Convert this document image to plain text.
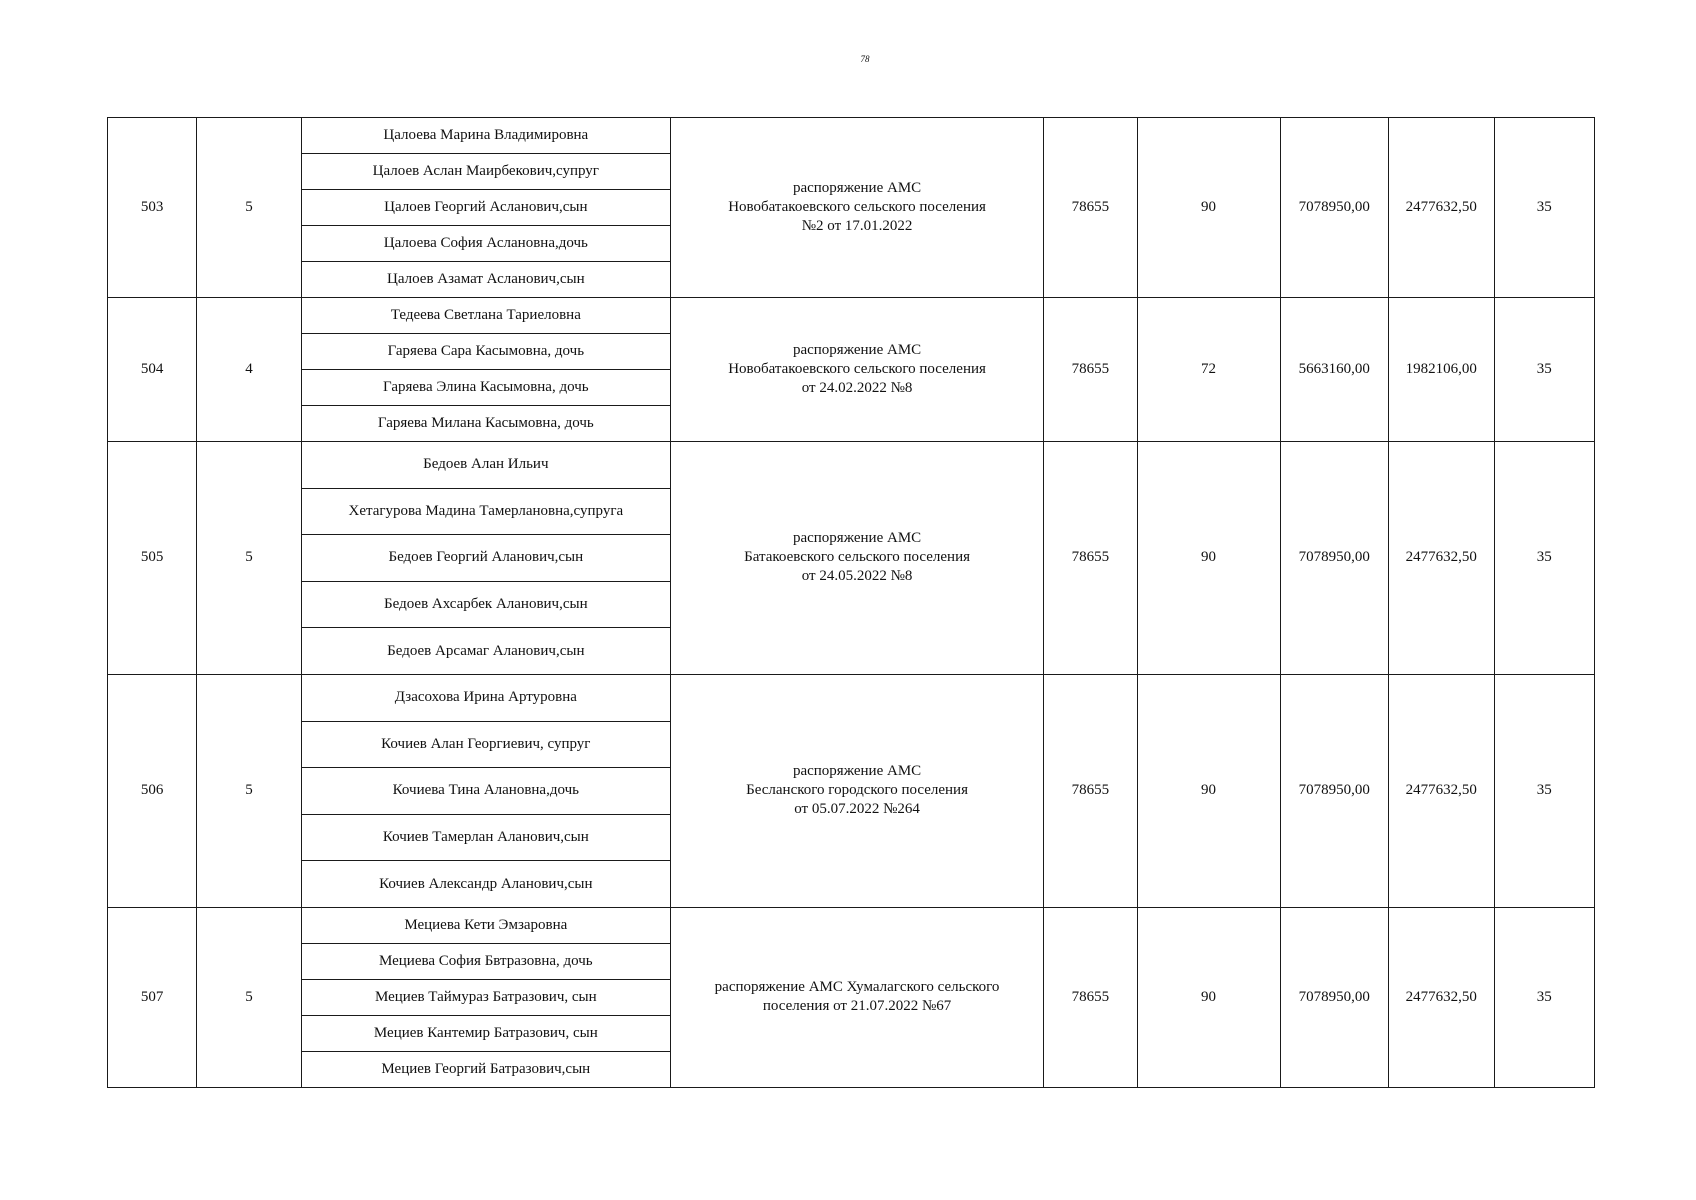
78
503	5	Цалоева Марина Владимировна	распоряжение АМС
Новобатакоевского сельского поселения
№2 от 17.01.2022	78655	90	7078950,00	2477632,50	35
		Цалоев Аслан Маирбекович,супруг						
		Цалоев Георгий Асланович,сын						
		Цалоева София Аслановна,дочь						
		Цалоев Азамат Асланович,сын						
504	4	Тедеева Светлана Тариеловна	распоряжение АМС
Новобатакоевского сельского поселения
от 24.02.2022 №8	78655	72	5663160,00	1982106,00	35
		Гаряева Сара Касымовна, дочь						
		Гаряева Элина Касымовна, дочь						
		Гаряева Милана Касымовна, дочь						
505	5	Бедоев Алан Ильич	распоряжение АМС
Батакоевского сельского поселения
от 24.05.2022 №8	78655	90	7078950,00	2477632,50	35
		Хетагурова Мадина Тамерлановна,супруга						
		Бедоев Георгий Аланович,сын						
		Бедоев Ахсарбек Аланович,сын						
		Бедоев Арсамаг Аланович,сын						
506	5	Дзасохова Ирина Артуровна	распоряжение АМС
Бесланского городского поселения
от 05.07.2022 №264	78655	90	7078950,00	2477632,50	35
		Кочиев Алан Георгиевич, супруг						
		Кочиева Тина Алановна,дочь						
		Кочиев Тамерлан Аланович,сын						
		Кочиев Александр Аланович,сын						
507	5	Мециева Кети Эмзаровна	распоряжение АМС Хумалагского сельского
поселения от 21.07.2022 №67	78655	90	7078950,00	2477632,50	35
		Мециева София Бвтразовна, дочь						
		Мециев Таймураз Батразович, сын						
		Мециев Кантемир Батразович, сын						
		Мециев Георгий Батразович,сын						
